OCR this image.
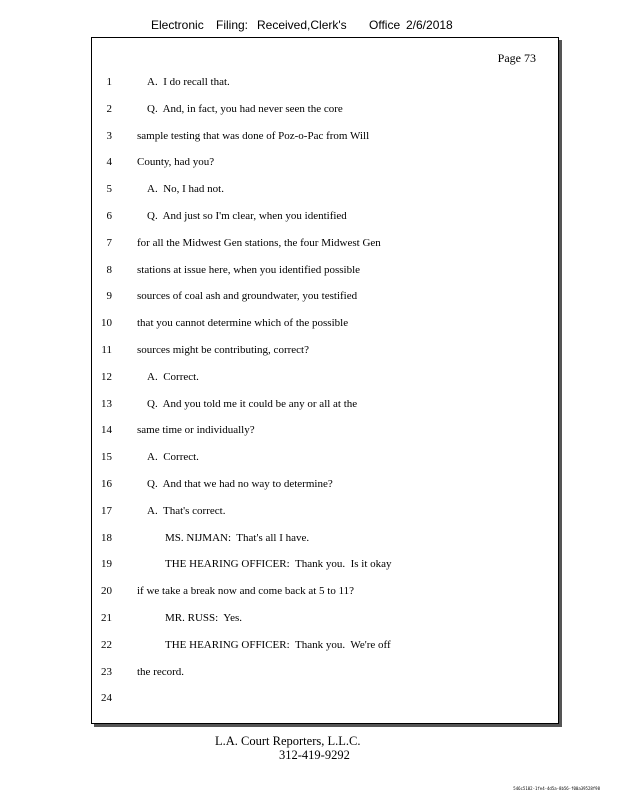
Electronic

Filing:

Received,Clerk's

Office

2/6/2018

Page 73
1	A.  I do recall that.
2	Q.  And, in fact, you had never seen the core
3 sample testing that was done of Poz-o-Pac from Will
4 County, had you?
5	A.  No, I had not.
6	Q.  And just so I'm clear, when you identified
7 for all the Midwest Gen stations, the four Midwest Gen
8 stations at issue here, when you identified possible
9 sources of coal ash and groundwater, you testified
10 that you cannot determine which of the possible
11 sources might be contributing, correct?
12	A.  Correct.
13	Q.  And you told me it could be any or all at the
14 same time or individually?
15	A.  Correct.
16	Q.  And that we had no way to determine?
17	A.  That's correct.
18	MS. NIJMAN:  That's all I have.
19	THE HEARING OFFICER:  Thank you.  Is it okay
20 if we take a break now and come back at 5 to 11?
21	MR. RUSS:  Yes.
22	THE HEARING OFFICER:  Thank you.  We're off
23 the record.
24
L.A. Court Reporters, L.L.C.
312-419-9292
546c5102-1fe4-4d5a-8b56-f00a39528f98
